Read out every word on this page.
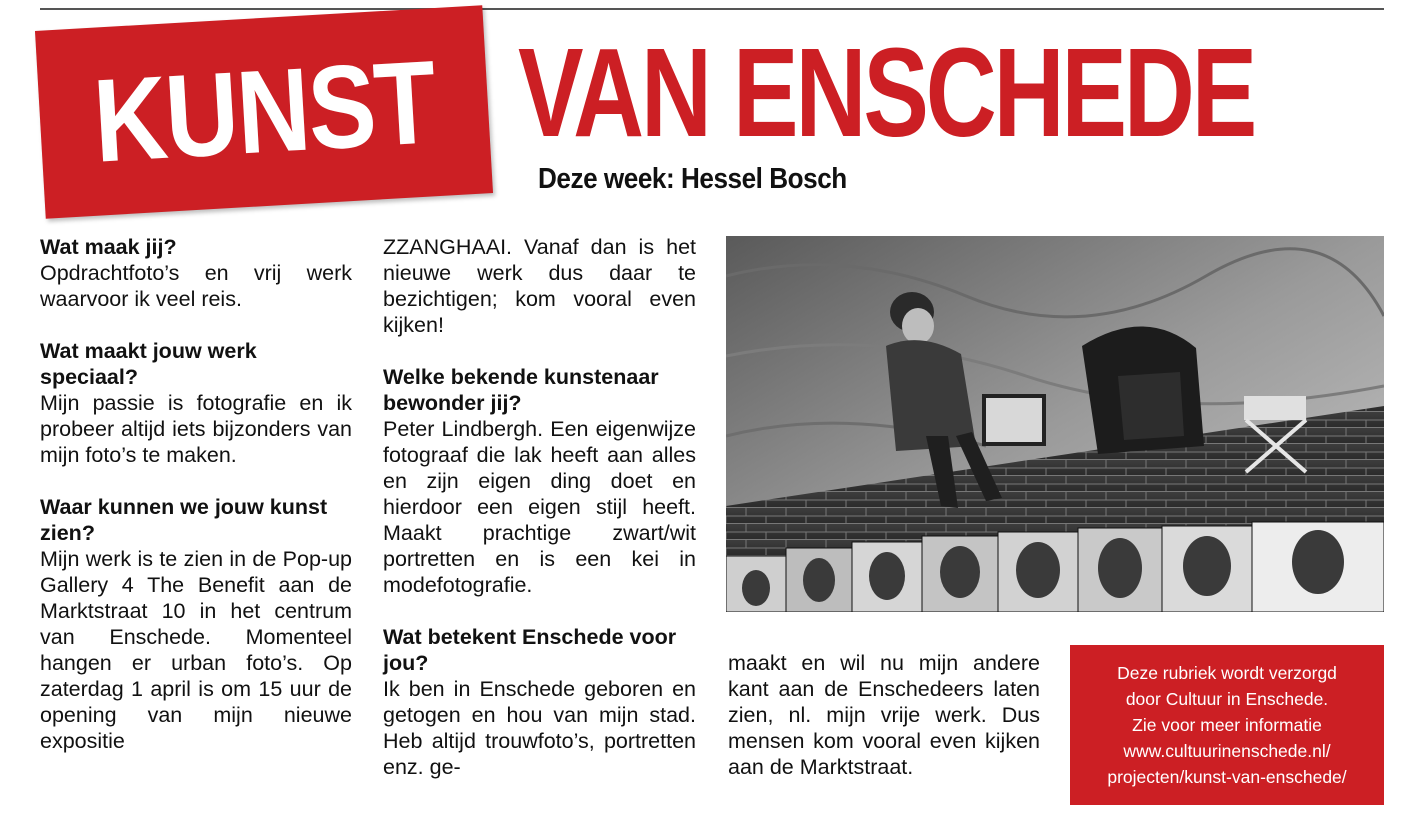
KUNST VAN ENSCHEDE
Deze week: Hessel Bosch
Wat maak jij?

Opdrachtfoto’s en vrij werk waarvoor ik veel reis.

Wat maakt jouw werk speciaal?

Mijn passie is fotografie en ik probeer altijd iets bijzonders van mijn foto’s te maken.

Waar kunnen we jouw kunst zien?

Mijn werk is te zien in de Pop-up Gallery 4 The Benefit aan de Marktstraat 10 in het centrum van Enschede. Momenteel hangen er urban foto’s. Op zaterdag 1 april is om 15 uur de opening van mijn nieuwe expositie

ZZANGHAAI. Vanaf dan is het nieuwe werk dus daar te bezichtigen; kom vooral even kijken!

Welke bekende kunstenaar bewonder jij?

Peter Lindbergh. Een eigenwijze fotograaf die lak heeft aan alles en zijn eigen ding doet en hierdoor een eigen stijl heeft. Maakt prachtige zwart/wit portretten en is een kei in modefotografie.

Wat betekent Enschede voor jou?

Ik ben in Enschede geboren en getogen en hou van mijn stad. Heb altijd trouwfoto’s, portretten enz. ge-

maakt en wil nu mijn andere kant aan de Enschedeers laten zien, nl. mijn vrije werk. Dus mensen kom vooral even kijken aan de Marktstraat.

Deze rubriek wordt verzorgd
door Cultuur in Enschede.
Zie voor meer informatie
www.cultuurinenschede.nl/
projecten/kunst-van-enschede/
